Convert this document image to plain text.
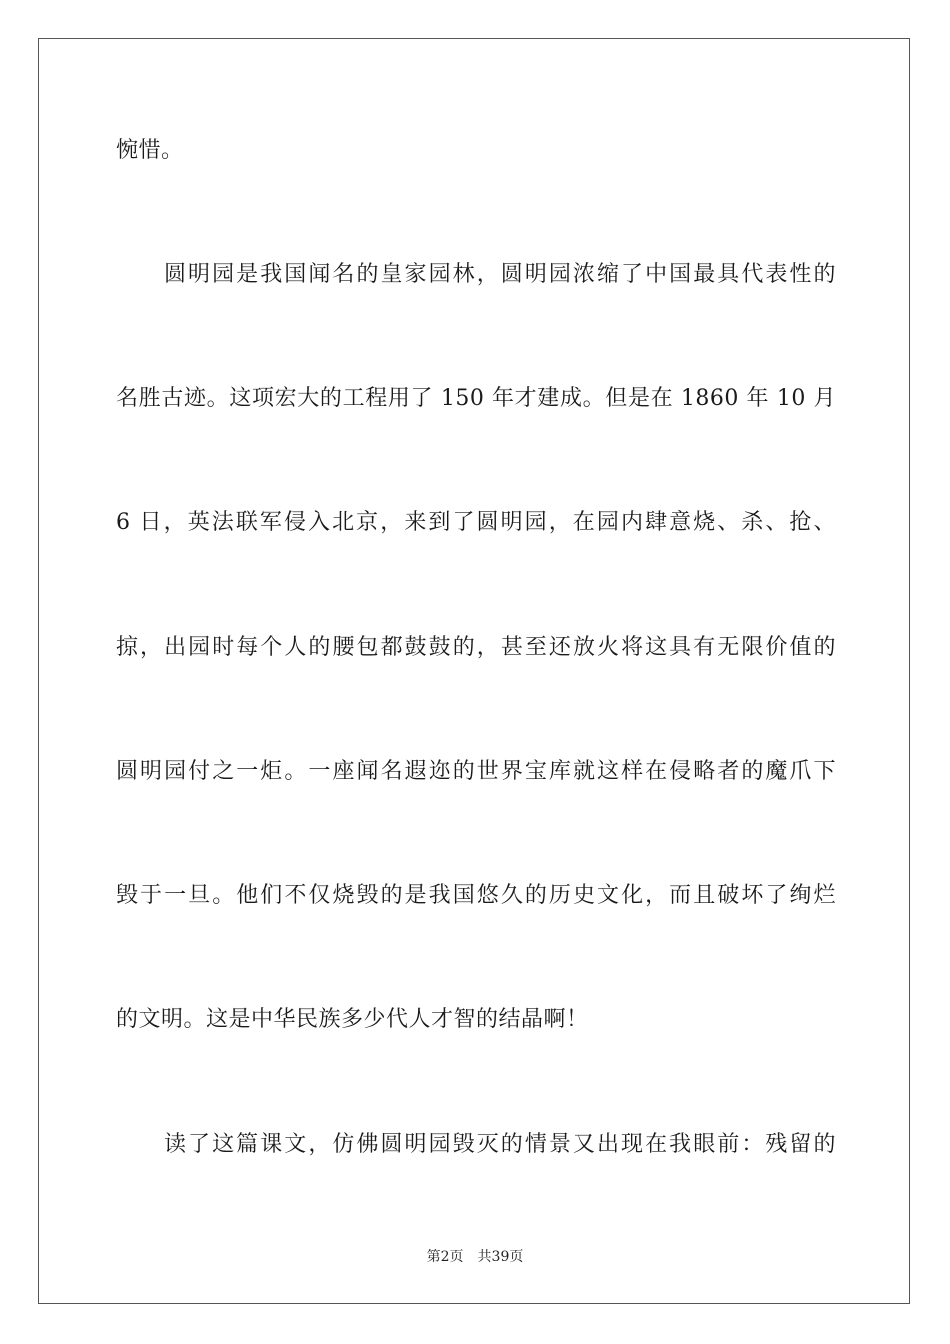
惋惜。
圆明园是我国闻名的皇家园林，圆明园浓缩了中国最具代表性的
名胜古迹。这项宏大的工程用了 150 年才建成。但是在 1860 年 10 月
6 日，英法联军侵入北京，来到了圆明园，在园内肆意烧、杀、抢、
掠，出园时每个人的腰包都鼓鼓的，甚至还放火将这具有无限价值的
圆明园付之一炬。一座闻名遐迩的世界宝库就这样在侵略者的魔爪下
毁于一旦。他们不仅烧毁的是我国悠久的历史文化，而且破坏了绚烂
的文明。这是中华民族多少代人才智的结晶啊！
读了这篇课文，仿佛圆明园毁灭的情景又出现在我眼前：残留的
第2页 共39页
